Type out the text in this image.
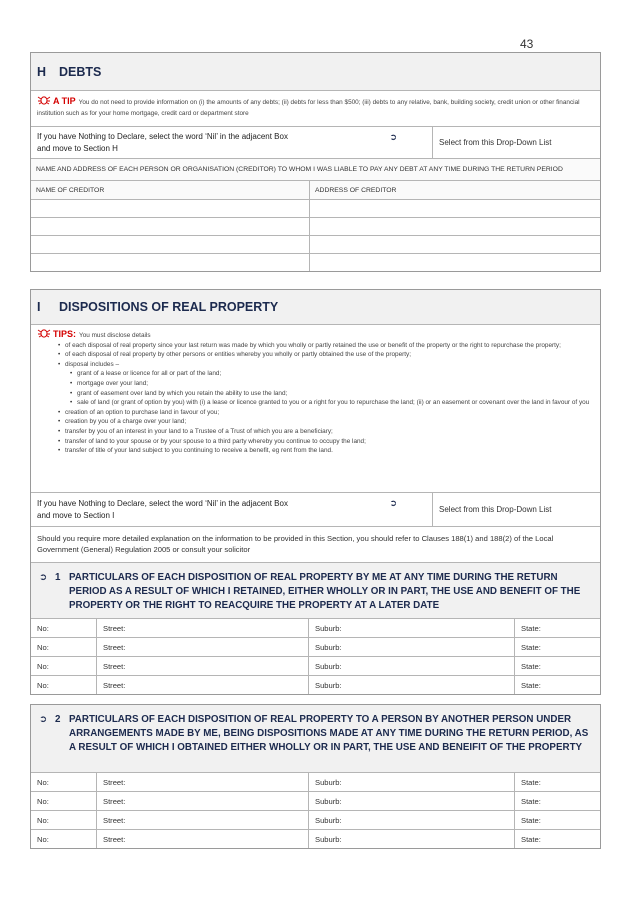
43
H	DEBTS
A TIP You do not need to provide information on (i) the amounts of any debts; (ii) debts for less than $500; (iii) debts to any relative, bank, building society, credit union or other financial institution such as for your home mortgage, credit card or department store
If you have Nothing to Declare, select the word ‘Nil’ in the adjacent Box
and move to Section H
➲
Select from this Drop-Down List
NAME AND ADDRESS OF EACH PERSON OR ORGANISATION (CREDITOR) TO WHOM I WAS LIABLE TO PAY ANY DEBT AT ANY TIME DURING THE RETURN PERIOD
NAME OF CREDITOR	ADDRESS OF CREDITOR
I	DISPOSITIONS OF REAL PROPERTY
TIPS: You must disclose details
• of each disposal of real property since your last return was made by which you wholly or partly retained the use or benefit of the property or the right to repurchase the property;
• of each disposal of real property by other persons or entities whereby you wholly or partly obtained the use of the property;
• disposal includes –
• grant of a lease or licence for all or part of the land;
• mortgage over your land;
• grant of easement over land by which you retain the ability to use the land;
• sale of land (or grant of option by you) with (i) a lease or licence granted to you or a right for you to repurchase the land; (ii) or an easement or covenant over the land in favour of you
• creation of an option to purchase land in favour of you;
• creation by you of a charge over your land;
• transfer by you of an interest in your land to a Trustee of a Trust of which you are a beneficiary;
• transfer of land to your spouse or by your spouse to a third party whereby you continue to occupy the land;
• transfer of title of your land subject to you continuing to receive a benefit, eg rent from the land.
If you have Nothing to Declare, select the word ‘Nil’ in the adjacent Box
and move to Section I
➲
Select from this Drop-Down List
Should you require more detailed explanation on the information to be provided in this Section, you should refer to Clauses 188(1) and 188(2) of the Local Government (General) Regulation 2005 or consult your solicitor
➲ 1 PARTICULARS OF EACH DISPOSITION OF REAL PROPERTY BY ME AT ANY TIME DURING THE RETURN PERIOD AS A RESULT OF WHICH I RETAINED, EITHER WHOLLY OR IN PART, THE USE AND BENEFIT OF THE PROPERTY OR THE RIGHT TO REACQUIRE THE PROPERTY AT A LATER DATE
No:	Street:	Suburb:	State:
No:	Street:	Suburb:	State:
No:	Street:	Suburb:	State:
No:	Street:	Suburb:	State:
➲ 2 PARTICULARS OF EACH DISPOSITION OF REAL PROPERTY TO A PERSON BY ANOTHER PERSON UNDER ARRANGEMENTS MADE BY ME, BEING DISPOSITIONS MADE AT ANY TIME DURING THE RETURN PERIOD, AS A RESULT OF WHICH I OBTAINED EITHER WHOLLY OR IN PART, THE USE AND BENEIFIT OF THE PROPERTY
No:	Street:	Suburb:	State:
No:	Street:	Suburb:	State:
No:	Street:	Suburb:	State:
No:	Street:	Suburb:	State:
